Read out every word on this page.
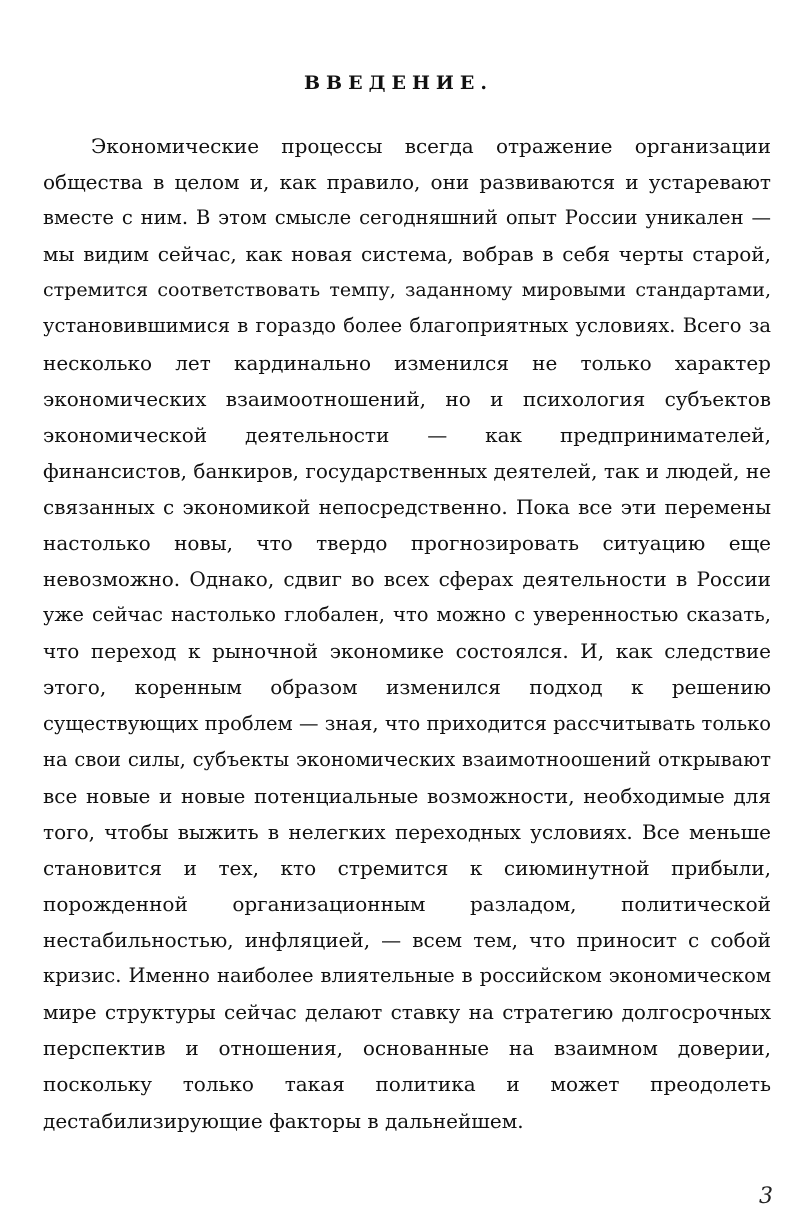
ВВЕДЕНИЕ.
Экономические процессы всегда отражение организации
общества в целом и, как правило, они развиваются и устаревают
вместе с ним. В этом смысле сегодняшний опыт России уникален —
мы видим сейчас, как новая система, вобрав в себя черты старой,
стремится соответствовать темпу, заданному мировыми стандартами,
установившимися в гораздо более благоприятных условиях. Всего за
несколько лет кардинально изменился не только характер
экономических взаимоотношений, но и психология субъектов
экономической деятельности — как предпринимателей,
финансистов, банкиров, государственных деятелей, так и людей, не
связанных с экономикой непосредственно. Пока все эти перемены
настолько новы, что твердо прогнозировать ситуацию еще
невозможно. Однако, сдвиг во всех сферах деятельности в России
уже сейчас настолько глобален, что можно с уверенностью сказать,
что переход к рыночной экономике состоялся. И, как следствие
этого, коренным образом изменился подход к решению
существующих проблем — зная, что приходится рассчитывать только
на свои силы, субъекты экономических взаимотноошений открывают
все новые и новые потенциальные возможности, необходимые для
того, чтобы выжить в нелегких переходных условиях. Все меньше
становится и тех, кто стремится к сиюминутной прибыли,
порожденной организационным разладом, политической
нестабильностью, инфляцией, — всем тем, что приносит с собой
кризис. Именно наиболее влиятельные в российском экономическом
мире структуры сейчас делают ставку на стратегию долгосрочных
перспектив и отношения, основанные на взаимном доверии,
поскольку только такая политика и может преодолеть
дестабилизирующие факторы в дальнейшем.
3
